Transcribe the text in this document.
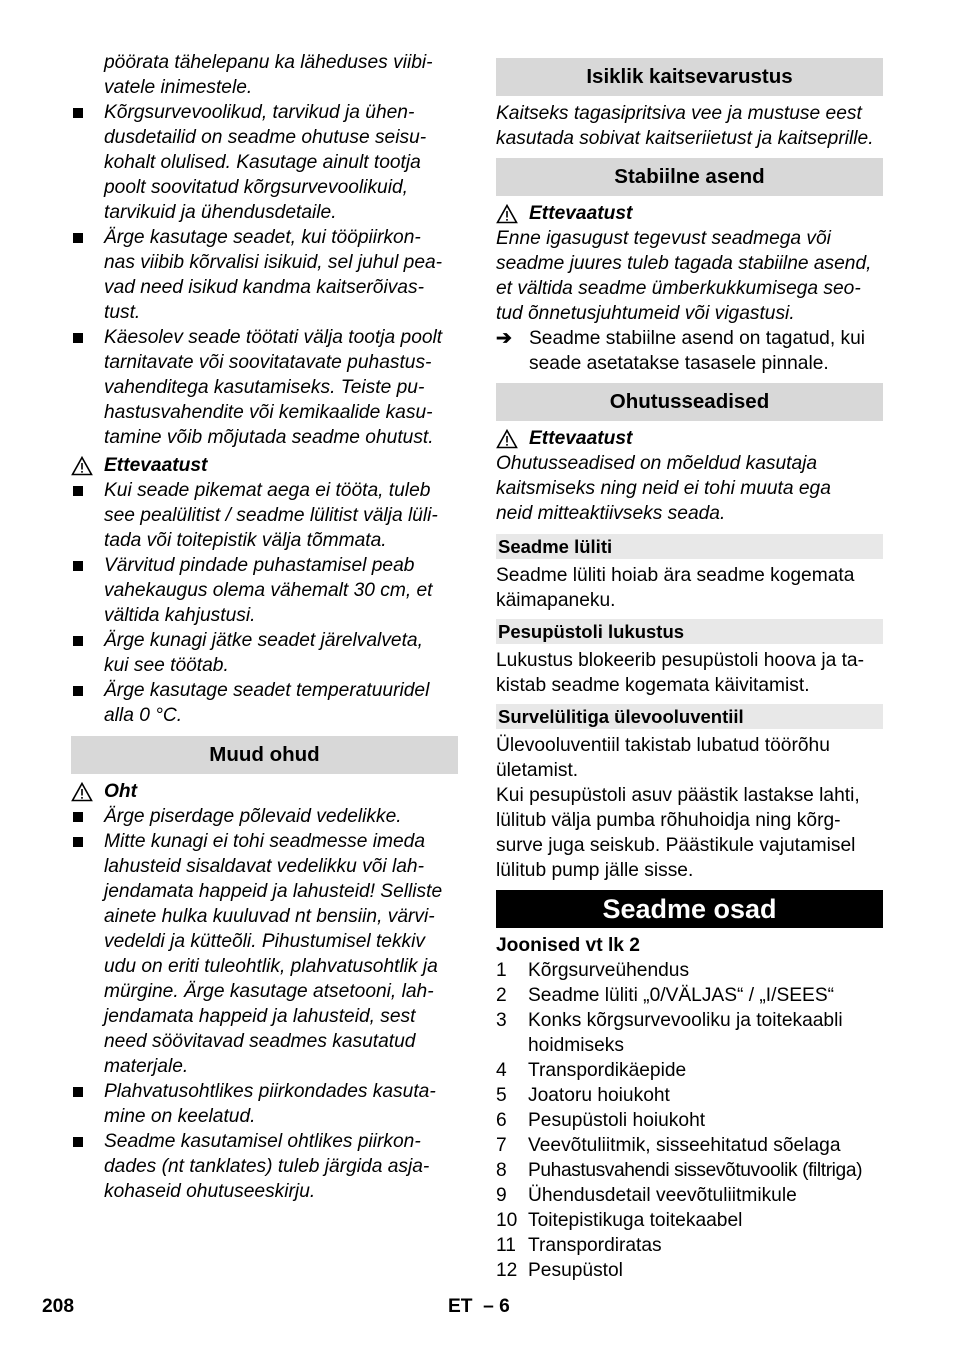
pöörata tähelepanu ka läheduses viibi-
vatele inimestele.
Kõrgsurvevoolikud, tarvikud ja ühen-
dusdetailid on seadme ohutuse seisu-
kohalt olulised. Kasutage ainult tootja
poolt soovitatud kõrgsurvevoolikuid,
tarvikuid ja ühendusdetaile.
Ärge kasutage seadet, kui tööpiirkon-
nas viibib kõrvalisi isikuid, sel juhul pea-
vad need isikud kandma kaitserõivas-
tust.
Käesolev seade töötati välja tootja poolt
tarnitavate või soovitatavate puhastus-
vahenditega kasutamiseks. Teiste pu-
hastusvahendite või kemikaalide kasu-
tamine võib mõjutada seadme ohutust.
Ettevaatust
Kui seade pikemat aega ei tööta, tuleb
see pealülitist / seadme lülitist välja lüli-
tada või toitepistik välja tõmmata.
Värvitud pindade puhastamisel peab
vahekaugus olema vähemalt 30 cm, et
vältida kahjustusi.
Ärge kunagi jätke seadet järelvalveta,
kui see töötab.
Ärge kasutage seadet temperatuuridel
alla 0 °C.
Muud ohud
Oht
Ärge piserdage põlevaid vedelikke.
Mitte kunagi ei tohi seadmesse imeda
lahusteid sisaldavat vedelikku või lah-
jendamata happeid ja lahusteid! Selliste
ainete hulka kuuluvad nt bensiin, värvi-
vedeldi ja kütteõli. Pihustumisel tekkiv
udu on eriti tuleohtlik, plahvatusohtlik ja
mürgine. Ärge kasutage atsetooni, lah-
jendamata happeid ja lahusteid, sest
need söövitavad seadmes kasutatud
materjale.
Plahvatusohtlikes piirkondades kasuta-
mine on keelatud.
Seadme kasutamisel ohtlikes piirkon-
dades (nt tanklates) tuleb järgida asja-
kohaseid ohutuseeskirju.
Isiklik kaitsevarustus
Kaitseks tagasipritsiva vee ja mustuse eest
kasutada sobivat kaitseriietust ja kaitseprille.
Stabiilne asend
Ettevaatust
Enne igasugust tegevust seadmega või
seadme juures tuleb tagada stabiilne asend,
et vältida seadme ümberkukkumisega seo-
tud õnnetusjuhtumeid või vigastusi.
➔ Seadme stabiilne asend on tagatud, kui
seade asetatakse tasasele pinnale.
Ohutusseadised
Ettevaatust
Ohutusseadised on mõeldud kasutaja
kaitsmiseks ning neid ei tohi muuta ega
neid mitteaktiivseks seada.
Seadme lüliti
Seadme lüliti hoiab ära seadme kogemata
käimapaneku.
Pesupüstoli lukustus
Lukustus blokeerib pesupüstoli hoova ja ta-
kistab seadme kogemata käivitamist.
Survelülitiga ülevooluventiil
Ülevooluventiil takistab lubatud töörõhu
ületamist.
Kui pesupüstoli asuv päästik lastakse lahti,
lülitub välja pumba rõhuhoidja ning kõrg-
surve juga seiskub. Päästikule vajutamisel
lülitub pump jälle sisse.
Seadme osad
Joonised vt lk 2
1	Kõrgsurveühendus
2	Seadme lüliti „0/VÄLJAS“ / „I/SEES“
3	Konks kõrgsurvevooliku ja toitekaabli
hoidmiseks
4	Transpordikäepide
5	Joatoru hoiukoht
6	Pesupüstoli hoiukoht
7	Veevõtuliitmik, sisseehitatud sõelaga
8	Puhastusvahendi sissevõtuvoolik (filtriga)
9	Ühendusdetail veevõtuliitmikule
10 Toitepistikuga toitekaabel
11 Transpordiratas
12 Pesupüstol
208	ET  – 6
